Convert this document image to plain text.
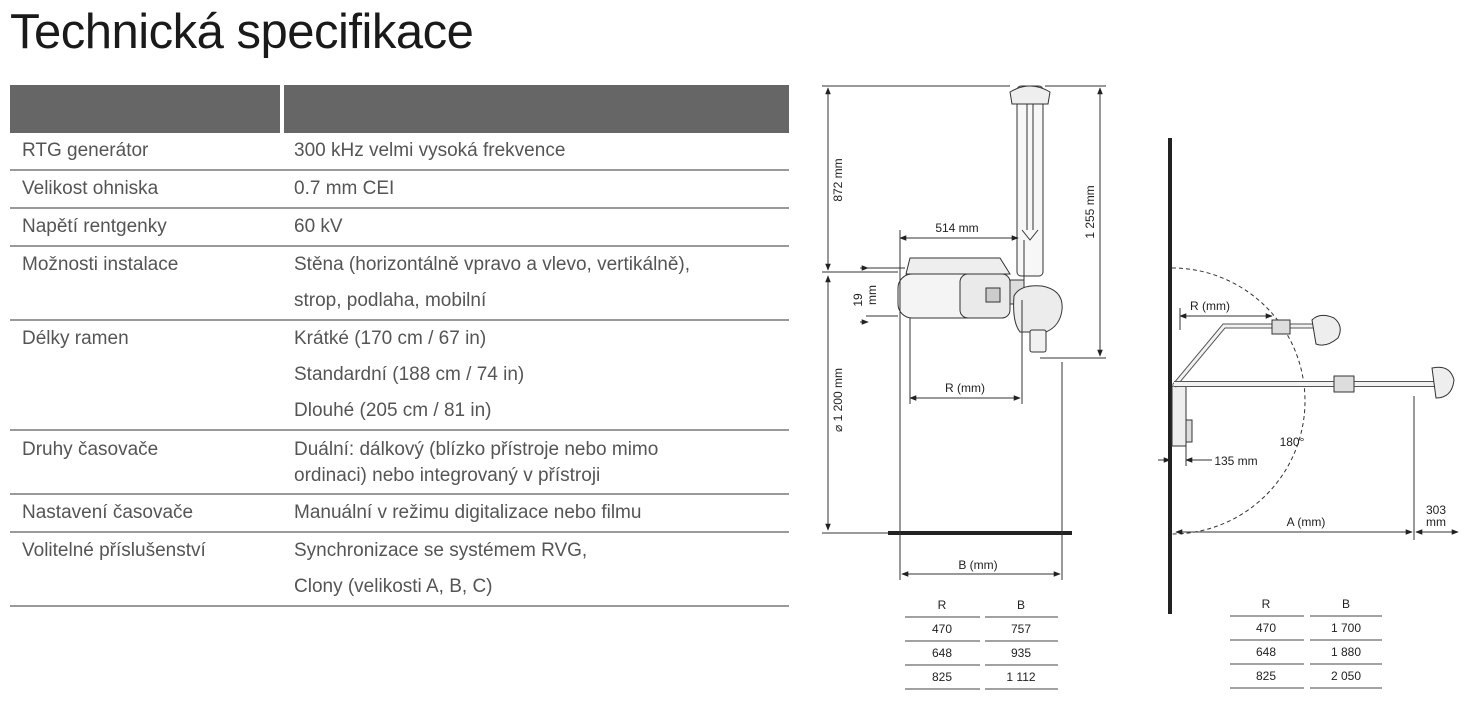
Technická specifikace
RTG generátor	300 kHz velmi vysoká frekvence
Velikost ohniska	0.7 mm CEI
Napětí rentgenky	60 kV
Možnosti instalace	Stěna (horizontálně vpravo a vlevo, vertikálně),
strop, podlaha, mobilní
Délky ramen	Krátké (170 cm / 67 in)
Standardní (188 cm / 74 in)
Dlouhé (205 cm / 81 in)
Druhy časovače	Duální: dálkový (blízko přístroje nebo mimo
ordinaci) nebo integrovaný v přístroji
Nastavení časovače	Manuální v režimu digitalizace nebo filmu
Volitelné příslušenství	Synchronizace se systémem RVG,
Clony (velikosti A, B, C)
872 mm
1 255 mm
514 mm
19 mm
⌀ 1 200 mm	R (mm)
B (mm)
R	B
470	757
648	935
825	1 112
R (mm)
180°
135 mm
A (mm)
303
mm
R	B
470	1 700
648	1 880
825	2 050
